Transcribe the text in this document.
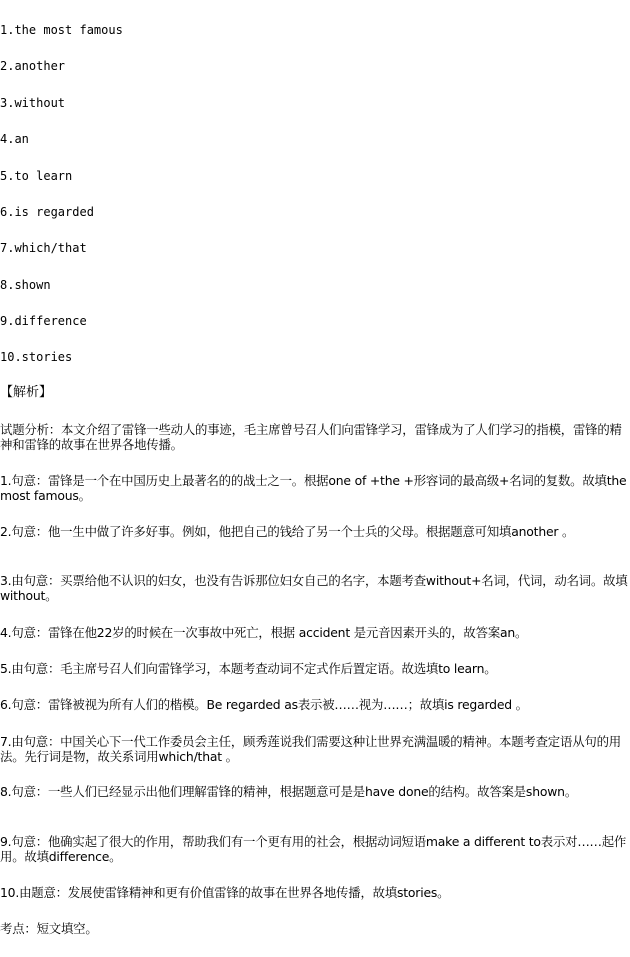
1.the most famous
2.another
3.without
4.an
5.to learn
6.is regarded
7.which/that
8.shown
9.difference
10.stories
【解析】
试题分析：本文介绍了雷锋一些动人的事迹，毛主席曾号召人们向雷锋学习，雷锋成为了人们学习的指模，雷锋的精神和雷锋的故事在世界各地传播。
1.句意：雷锋是一个在中国历史上最著名的的战士之一。根据one of +the +形容词的最高级+名词的复数。故填the most famous。
2.句意：他一生中做了许多好事。例如，他把自己的钱给了另一个士兵的父母。根据题意可知填another 。
3.由句意：买票给他不认识的妇女，也没有告诉那位妇女自己的名字，本题考查without+名词，代词，动名词。故填without。
4.句意：雷锋在他22岁的时候在一次事故中死亡，根据 accident 是元音因素开头的，故答案an。
5.由句意：毛主席号召人们向雷锋学习，本题考查动词不定式作后置定语。故选填to learn。
6.句意：雷锋被视为所有人们的楷模。Be regarded as表示被……视为……；故填is regarded 。
7.由句意：中国关心下一代工作委员会主任，顾秀莲说我们需要这种让世界充满温暖的精神。本题考查定语从句的用法。先行词是物，故关系词用which/that 。
8.句意：一些人们已经显示出他们理解雷锋的精神，根据题意可是是have done的结构。故答案是shown。
9.句意：他确实起了很大的作用，帮助我们有一个更有用的社会，根据动词短语make a different to表示对……起作用。故填difference。
10.由题意：发展使雷锋精神和更有价值雷锋的故事在世界各地传播，故填stories。
考点：短文填空。
